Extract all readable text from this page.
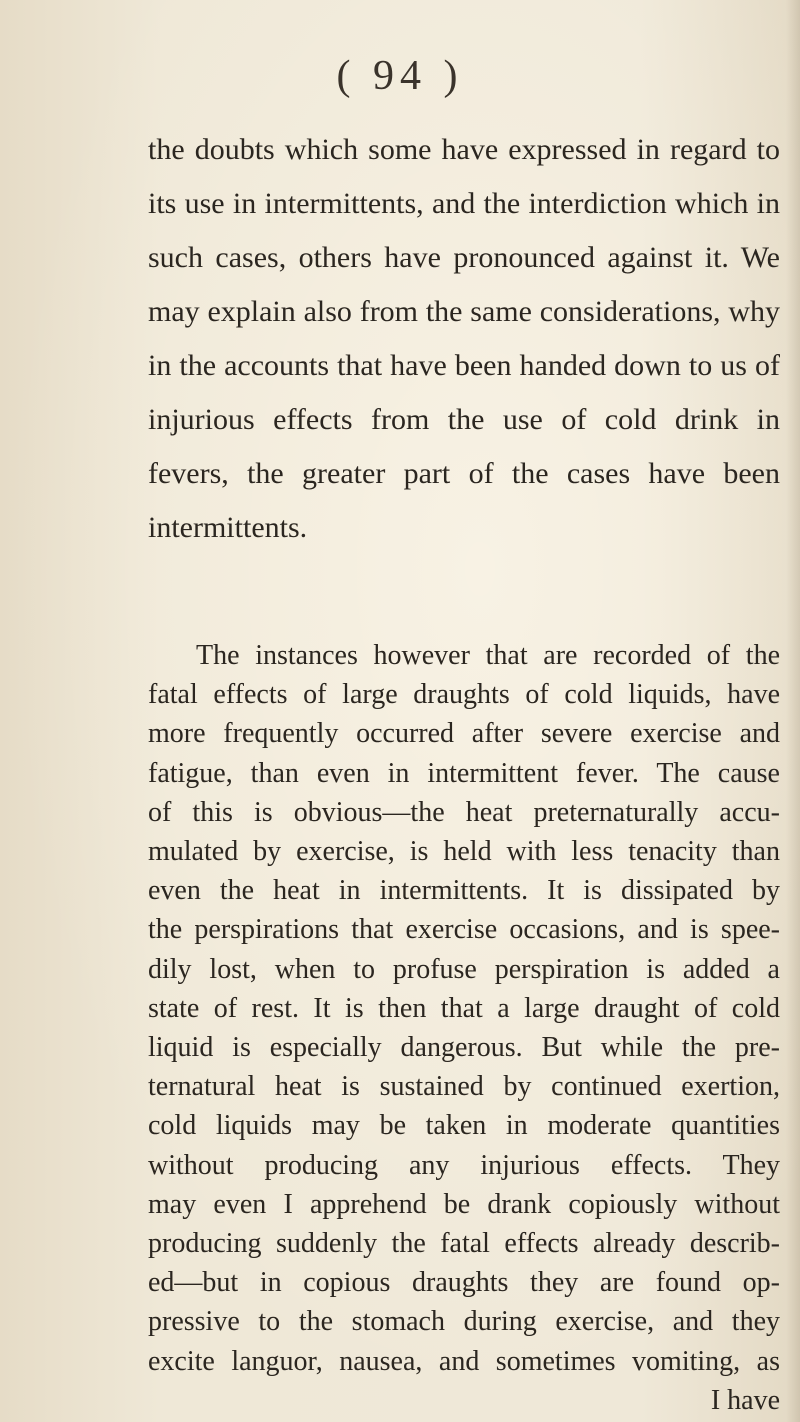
( 94 )
the doubts which some have expressed in regard to
its use in intermittents, and the interdiction which in
such cases, others have pronounced against it. We
may explain also from the same considerations, why
in the accounts that have been handed down to us of
injurious effects from the use of cold drink in
fevers, the greater part of the cases have been
intermittents.
The instances however that are recorded of the
fatal effects of large draughts of cold liquids, have
more frequently occurred after severe exercise and
fatigue, than even in intermittent fever. The cause
of this is obvious—the heat preternaturally accu-
mulated by exercise, is held with less tenacity than
even the heat in intermittents. It is dissipated by
the perspirations that exercise occasions, and is spee-
dily lost, when to profuse perspiration is added a
state of rest. It is then that a large draught of cold
liquid is especially dangerous. But while the pre-
ternatural heat is sustained by continued exertion,
cold liquids may be taken in moderate quantities
without producing any injurious effects. They
may even I apprehend be drank copiously without
producing suddenly the fatal effects already describ-
ed—but in copious draughts they are found op-
pressive to the stomach during exercise, and they
excite languor, nausea, and sometimes vomiting, as
I have
